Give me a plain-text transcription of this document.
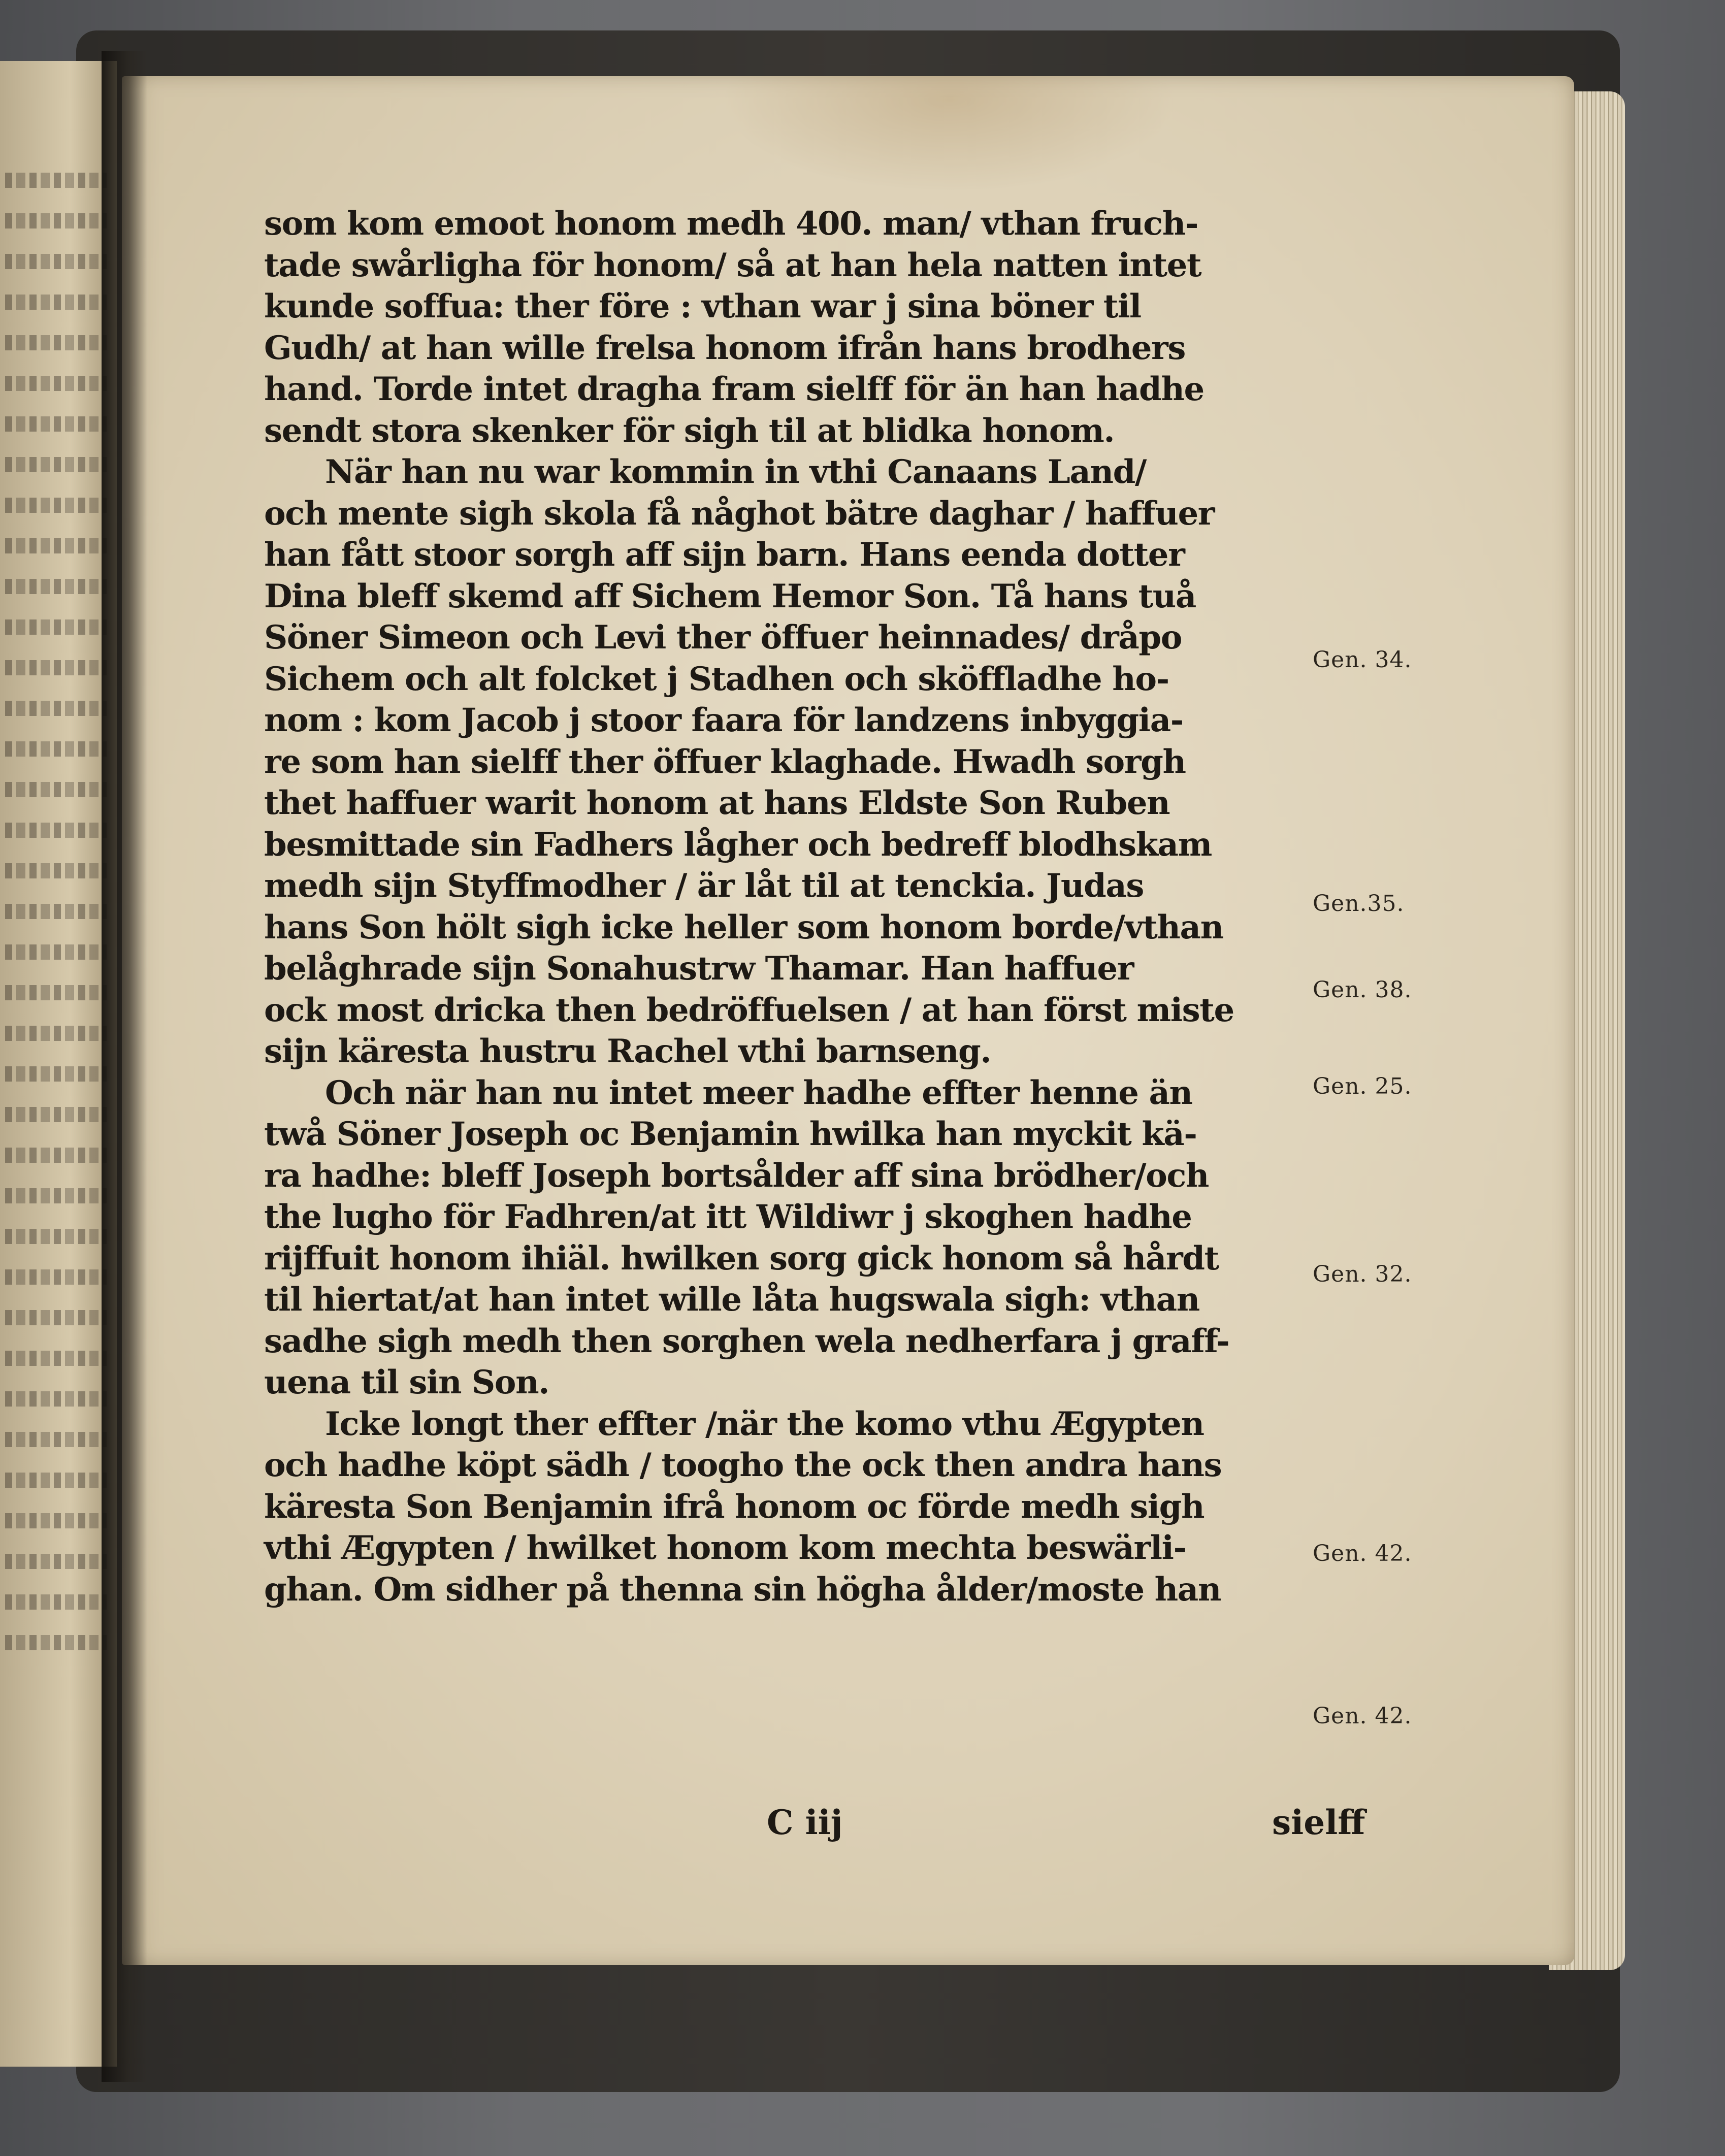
som kom emoot honom medh 400. man/ vthan fruch-
tade swårligha för honom/ så at han hela natten intet
kunde soffua: ther före : vthan war j sina böner til
Gudh/ at han wille frelsa honom ifrån hans brodhers
hand. Torde intet dragha fram sielff för än han hadhe
sendt stora skenker för sigh til at blidka honom.
När han nu war kommin in vthi Canaans Land/
och mente sigh skola få någhot bätre daghar / haffuer
han fått stoor sorgh aff sijn barn. Hans eenda dotter
Dina bleff skemd aff Sichem Hemor Son. Tå hans tuå
Söner Simeon och Levi ther öffuer heinnades/ dråpo
Sichem och alt folcket j Stadhen och sköffladhe ho-
nom : kom Jacob j stoor faara för landzens inbyggia-
re som han sielff ther öffuer klaghade. Hwadh sorgh
thet haffuer warit honom at hans Eldste Son Ruben
besmittade sin Fadhers lågher och bedreff blodhskam
medh sijn Styffmodher / är låt til at tenckia. Judas
hans Son hölt sigh icke heller som honom borde/vthan
belåghrade sijn Sonahustrw Thamar. Han haffuer
ock most dricka then bedröffuelsen / at han först miste
sijn käresta hustru Rachel vthi barnseng.
Och när han nu intet meer hadhe effter henne än
twå Söner Joseph oc Benjamin hwilka han myckit kä-
ra hadhe: bleff Joseph bortsålder aff sina brödher/och
the lugho för Fadhren/at itt Wildiwr j skoghen hadhe
rijffuit honom ihiäl. hwilken sorg gick honom så hårdt
til hiertat/at han intet wille låta hugswala sigh: vthan
sadhe sigh medh then sorghen wela nedherfara j graff-
uena til sin Son.
Icke longt ther effter /när the komo vthu Ægypten
och hadhe köpt sädh / toogho the ock then andra hans
käresta Son Benjamin ifrå honom oc förde medh sigh
vthi Ægypten / hwilket honom kom mechta beswärli-
ghan. Om sidher på thenna sin högha ålder/moste han
Gen. 34.
Gen.35.
Gen. 38.
Gen. 25.
Gen. 32.
Gen. 42.
Gen. 42.
C iij	sielff
